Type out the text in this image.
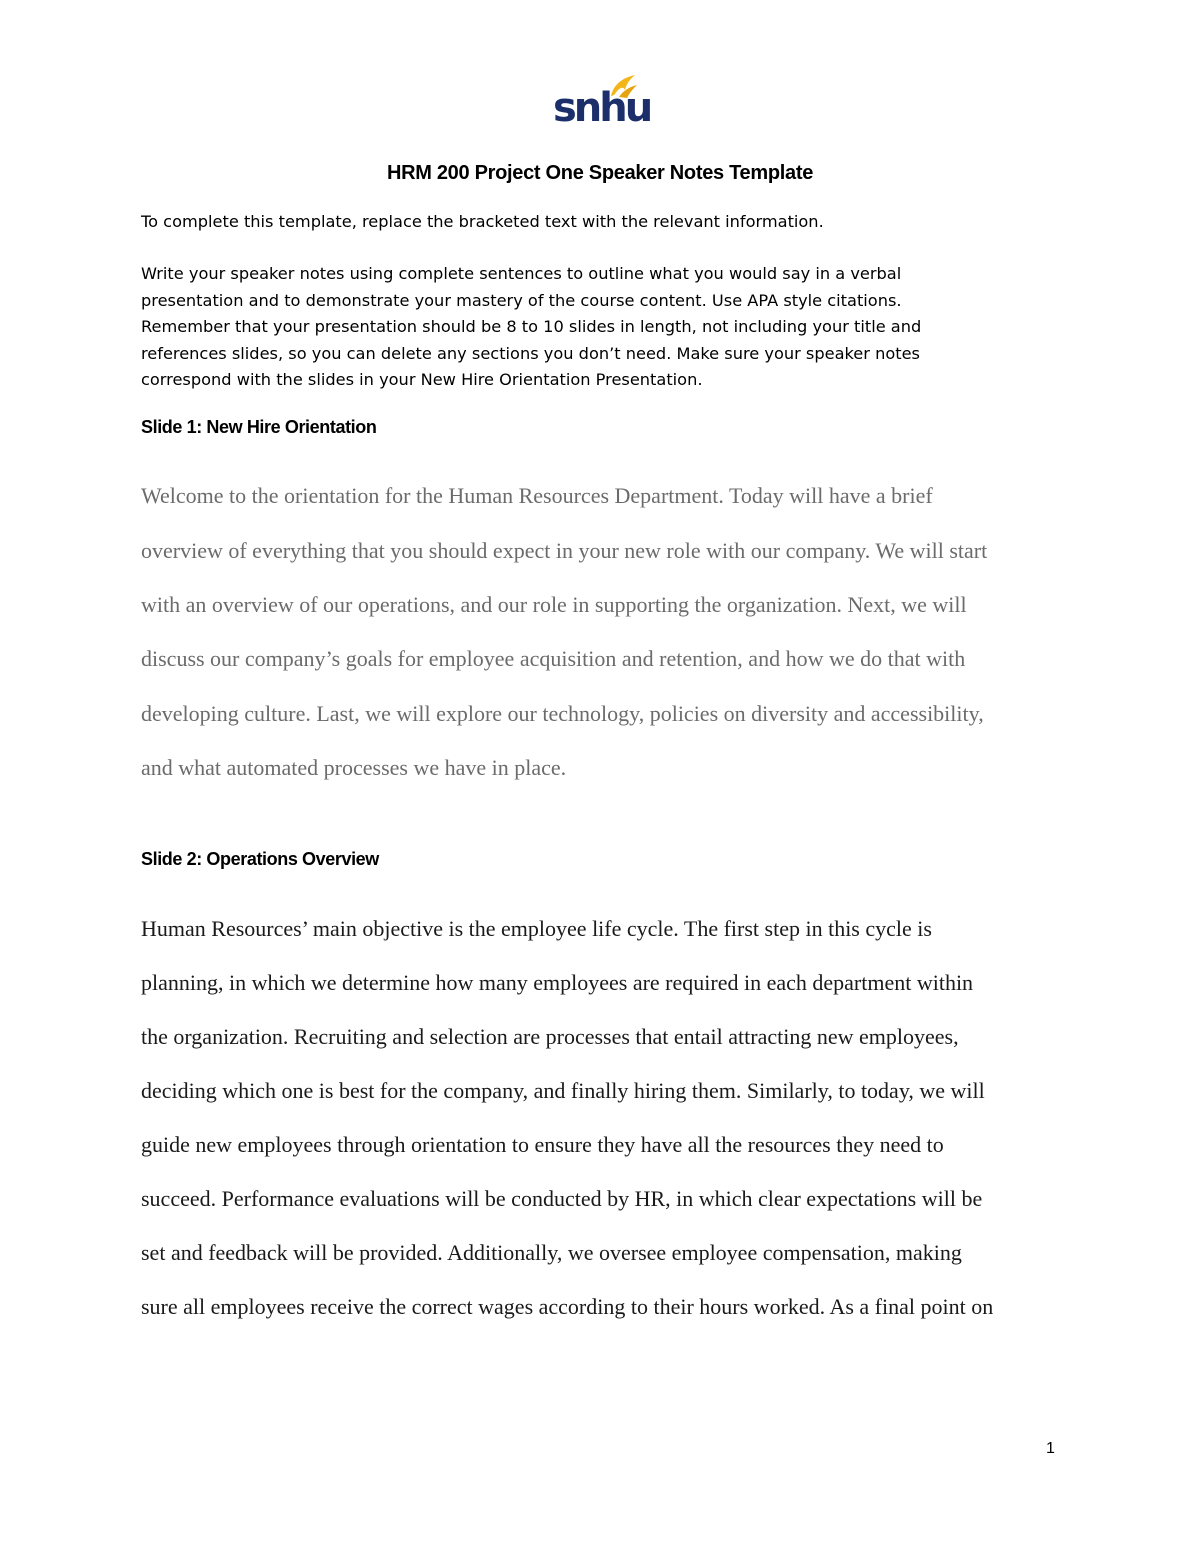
snhu
HRM 200 Project One Speaker Notes Template

To complete this template, replace the bracketed text with the relevant information.

Write your speaker notes using complete sentences to outline what you would say in a verbal

presentation and to demonstrate your mastery of the course content. Use APA style citations.

Remember that your presentation should be 8 to 10 slides in length, not including your title and

references slides, so you can delete any sections you don’t need. Make sure your speaker notes

correspond with the slides in your New Hire Orientation Presentation.

Slide 1: New Hire Orientation

Welcome to the orientation for the Human Resources Department. Today will have a brief

overview of everything that you should expect in your new role with our company. We will start

with an overview of our operations, and our role in supporting the organization. Next, we will

discuss our company’s goals for employee acquisition and retention, and how we do that with

developing culture. Last, we will explore our technology, policies on diversity and accessibility,

and what automated processes we have in place.

Slide 2: Operations Overview

Human Resources’ main objective is the employee life cycle. The first step in this cycle is

planning, in which we determine how many employees are required in each department within

the organization. Recruiting and selection are processes that entail attracting new employees,

deciding which one is best for the company, and finally hiring them. Similarly, to today, we will

guide new employees through orientation to ensure they have all the resources they need to

succeed. Performance evaluations will be conducted by HR, in which clear expectations will be

set and feedback will be provided. Additionally, we oversee employee compensation, making

sure all employees receive the correct wages according to their hours worked. As a final point on

1
